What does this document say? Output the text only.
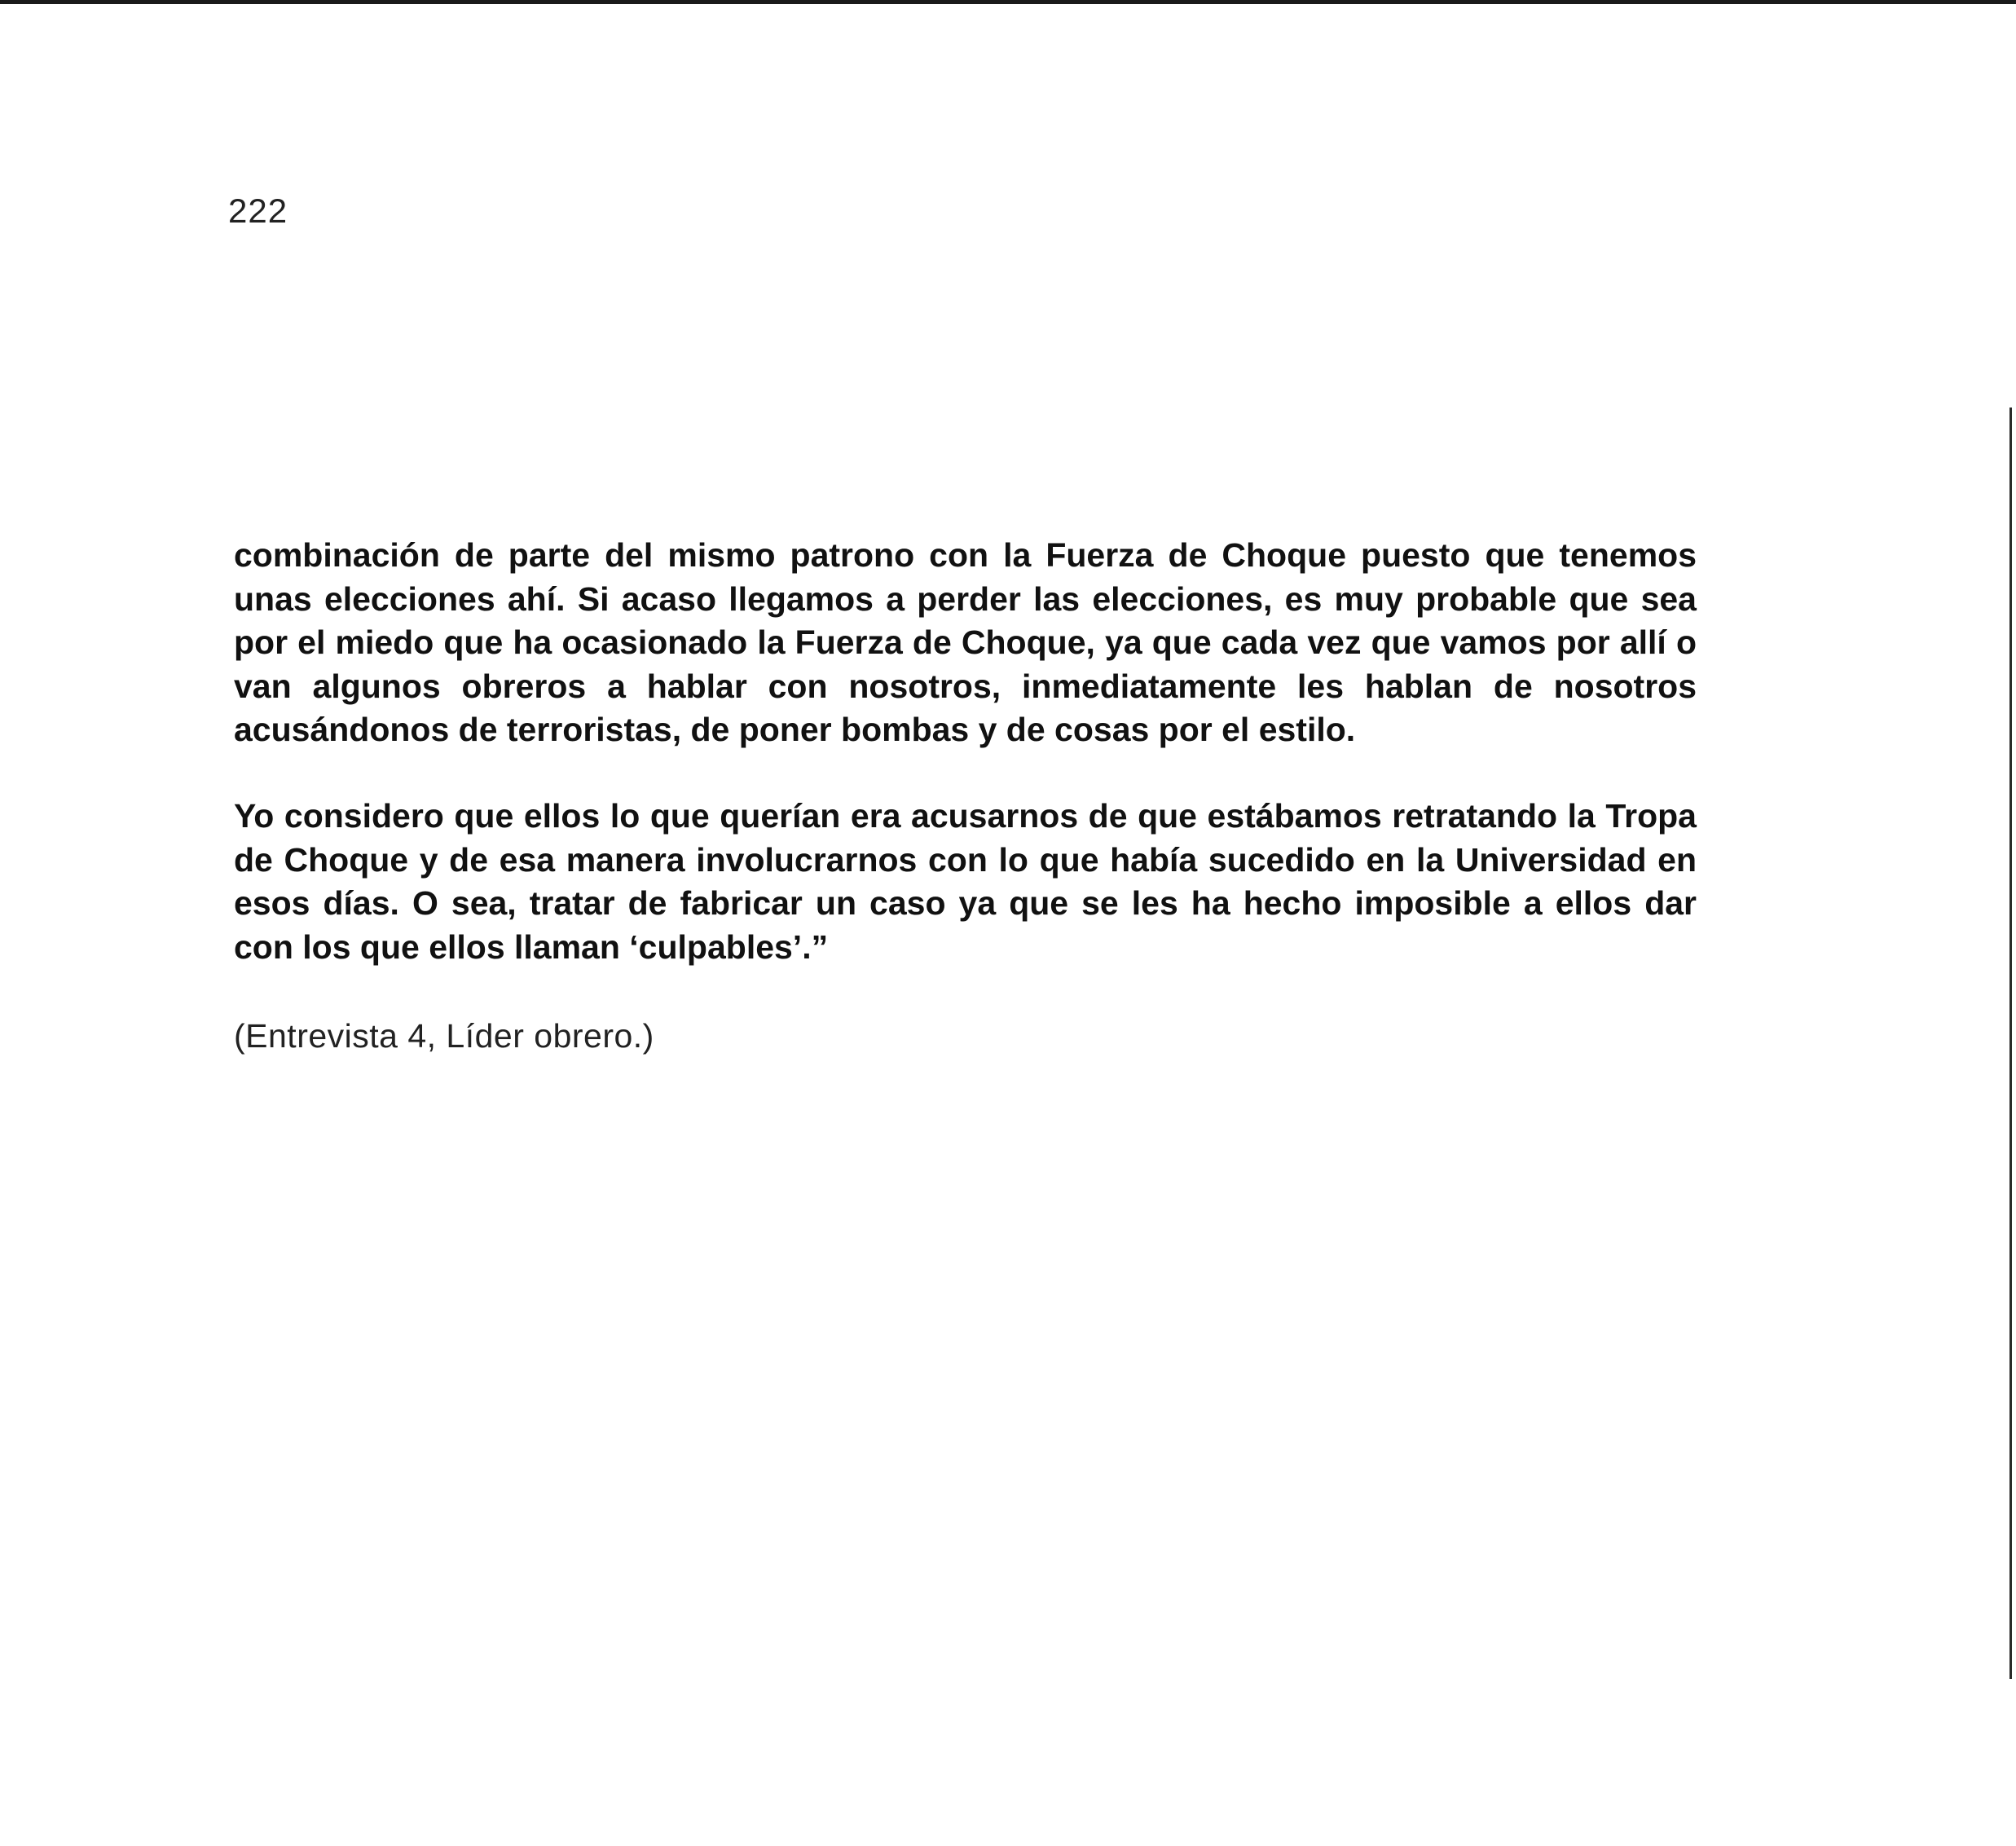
222

combinación de parte del mismo patrono con la Fuerza de Choque puesto que tenemos unas elecciones ahí. Si acaso llegamos a perder las elecciones, es muy probable que sea por el miedo que ha ocasionado la Fuerza de Choque, ya que cada vez que vamos por allí o van algunos obreros a hablar con nosotros, inmediatamente les hablan de nosotros acusándonos de terroristas, de poner bombas y de cosas por el estilo.

Yo considero que ellos lo que querían era acusarnos de que estábamos retratando la Tropa de Choque y de esa manera involucrarnos con lo que había sucedido en la Universidad en esos días. O sea, tratar de fabricar un caso ya que se les ha hecho imposible a ellos dar con los que ellos llaman ‘culpables’.”

(Entrevista 4, Líder obrero.)
